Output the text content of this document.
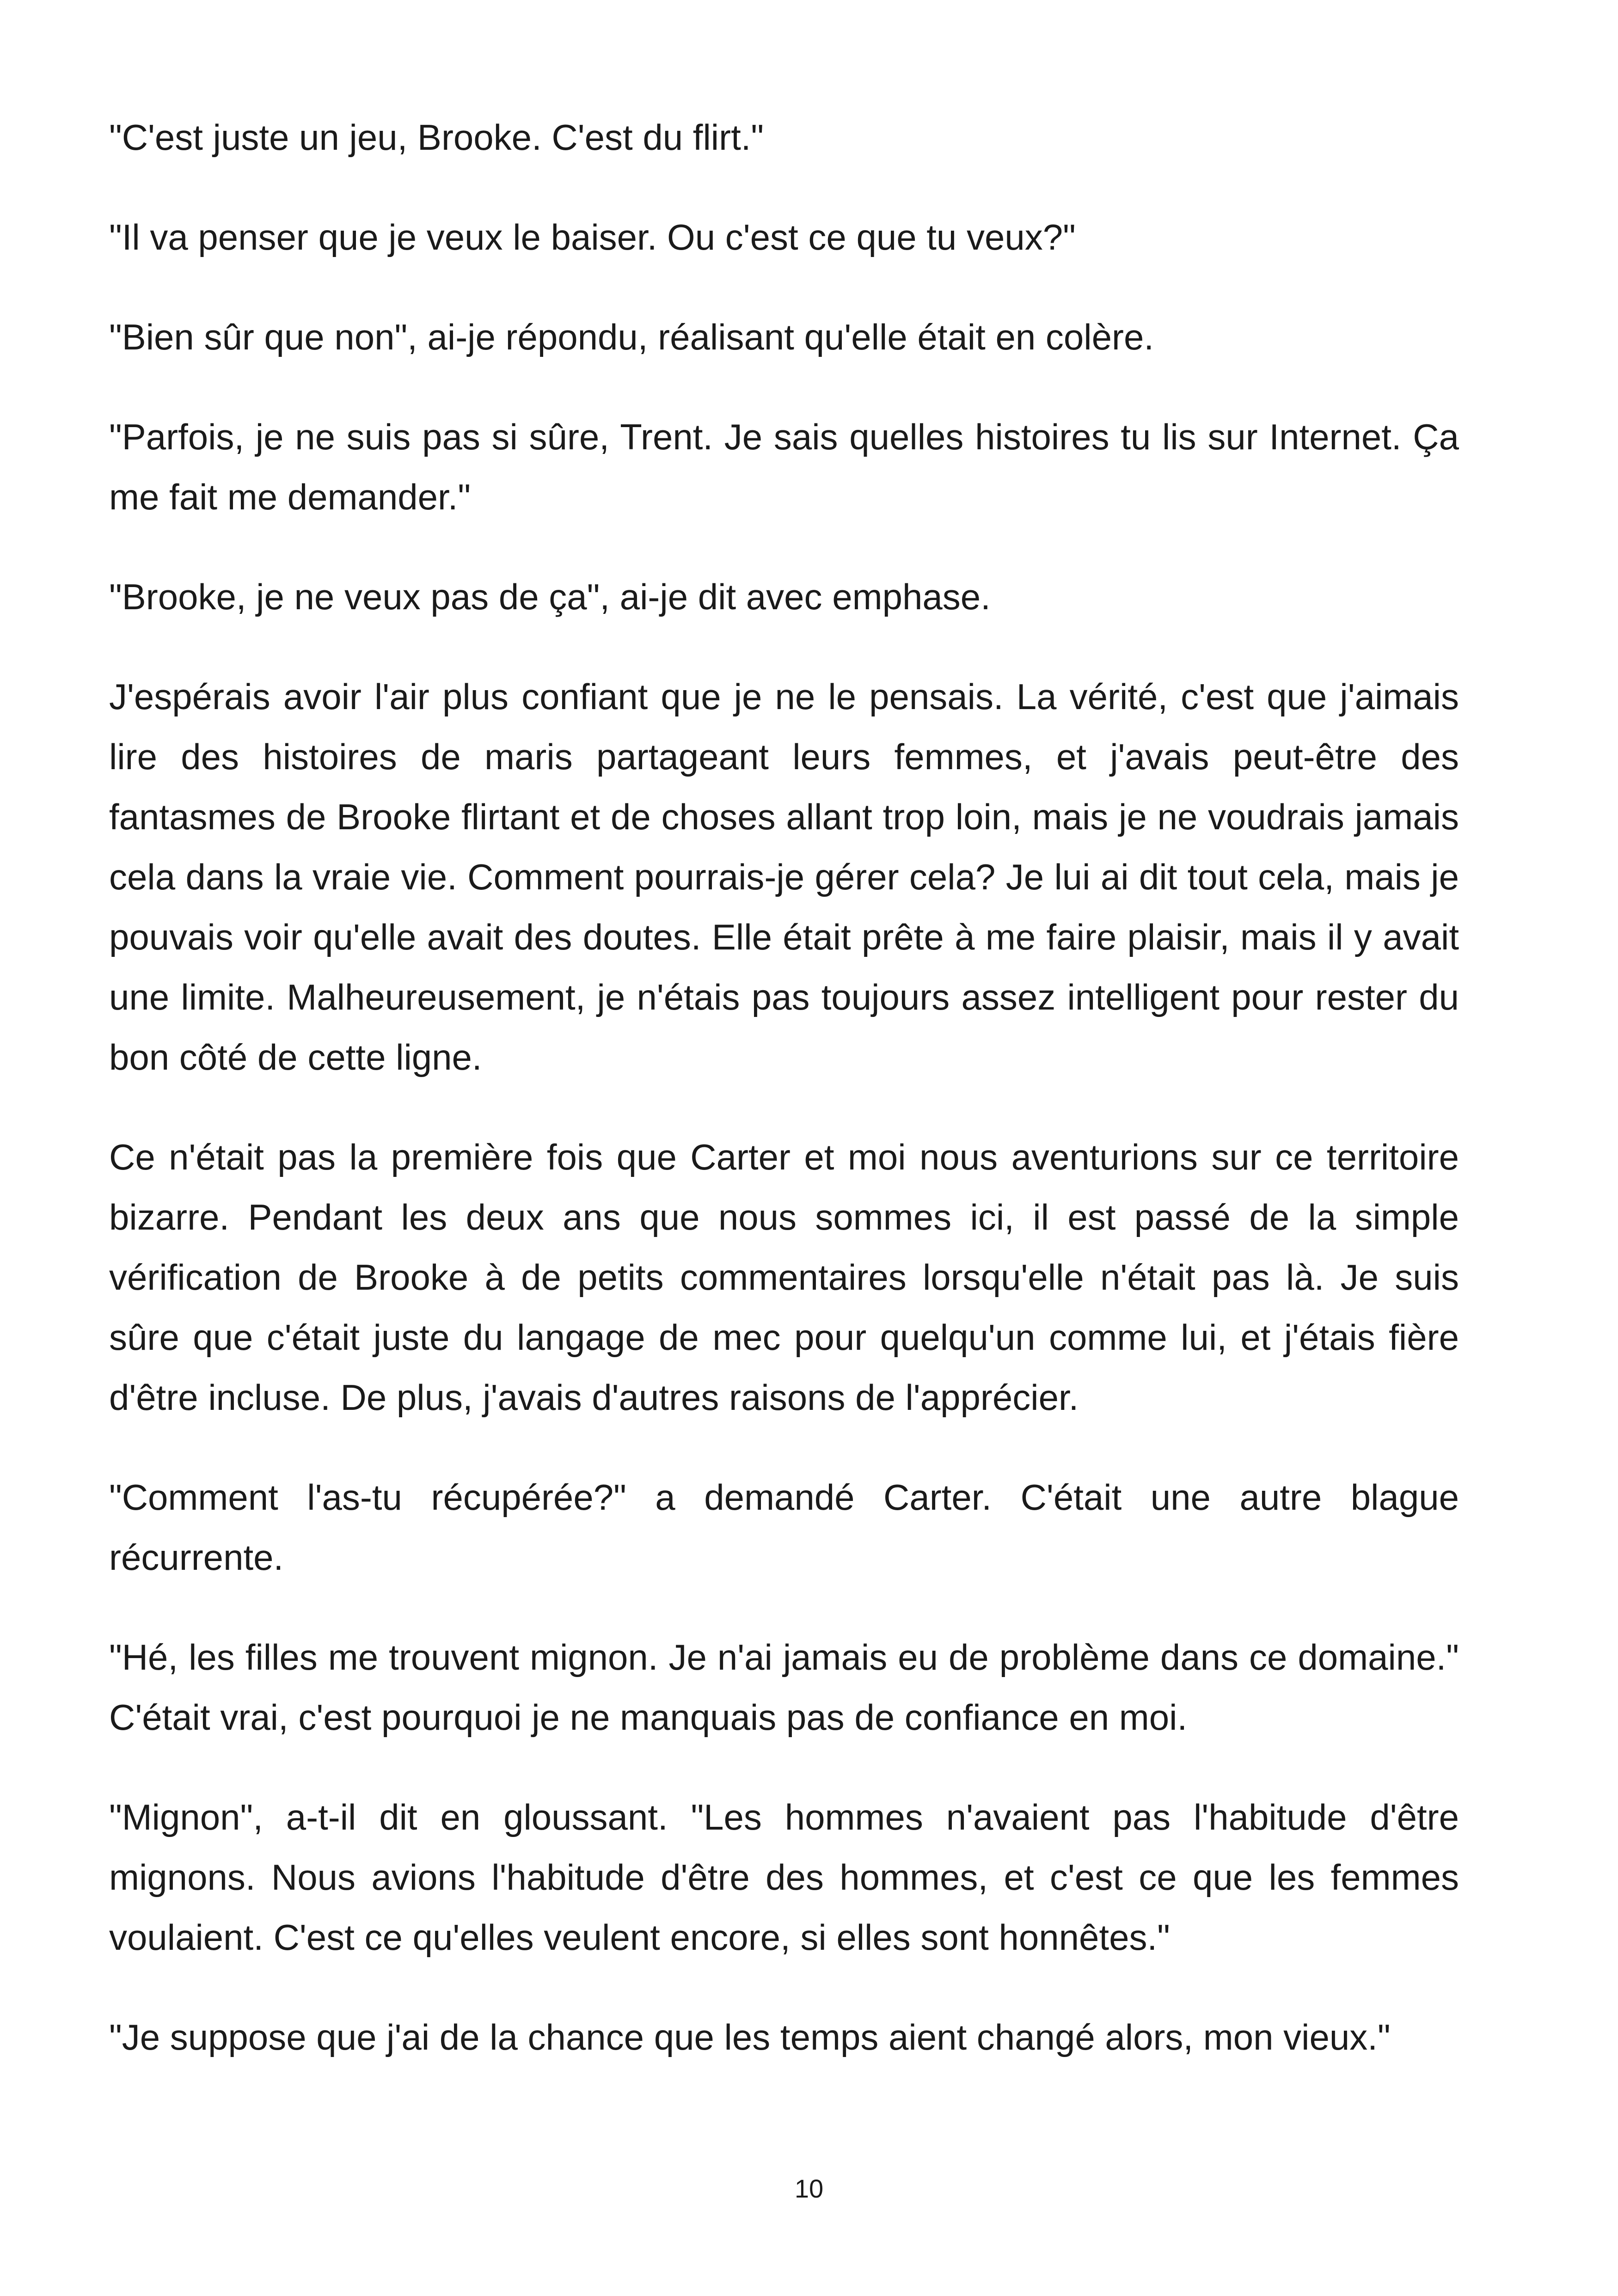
"C'est juste un jeu, Brooke. C'est du flirt."

"Il va penser que je veux le baiser. Ou c'est ce que tu veux?"

"Bien sûr que non", ai-je répondu, réalisant qu'elle était en colère.

"Parfois, je ne suis pas si sûre, Trent. Je sais quelles histoires tu lis sur Internet. Ça me fait me demander."

"Brooke, je ne veux pas de ça", ai-je dit avec emphase.

J'espérais avoir l'air plus confiant que je ne le pensais. La vérité, c'est que j'aimais lire des histoires de maris partageant leurs femmes, et j'avais peut-être des fantasmes de Brooke flirtant et de choses allant trop loin, mais je ne voudrais jamais cela dans la vraie vie. Comment pourrais-je gérer cela? Je lui ai dit tout cela, mais je pouvais voir qu'elle avait des doutes. Elle était prête à me faire plaisir, mais il y avait une limite. Malheureusement, je n'étais pas toujours assez intelligent pour rester du bon côté de cette ligne.

Ce n'était pas la première fois que Carter et moi nous aventurions sur ce territoire bizarre. Pendant les deux ans que nous sommes ici, il est passé de la simple vérification de Brooke à de petits commentaires lorsqu'elle n'était pas là. Je suis sûre que c'était juste du langage de mec pour quelqu'un comme lui, et j'étais fière d'être incluse. De plus, j'avais d'autres raisons de l'apprécier.

"Comment l'as-tu récupérée?" a demandé Carter. C'était une autre blague récurrente.

"Hé, les filles me trouvent mignon. Je n'ai jamais eu de problème dans ce domaine." C'était vrai, c'est pourquoi je ne manquais pas de confiance en moi.

"Mignon", a-t-il dit en gloussant. "Les hommes n'avaient pas l'habitude d'être mignons. Nous avions l'habitude d'être des hommes, et c'est ce que les femmes voulaient. C'est ce qu'elles veulent encore, si elles sont honnêtes."

"Je suppose que j'ai de la chance que les temps aient changé alors, mon vieux."

10
